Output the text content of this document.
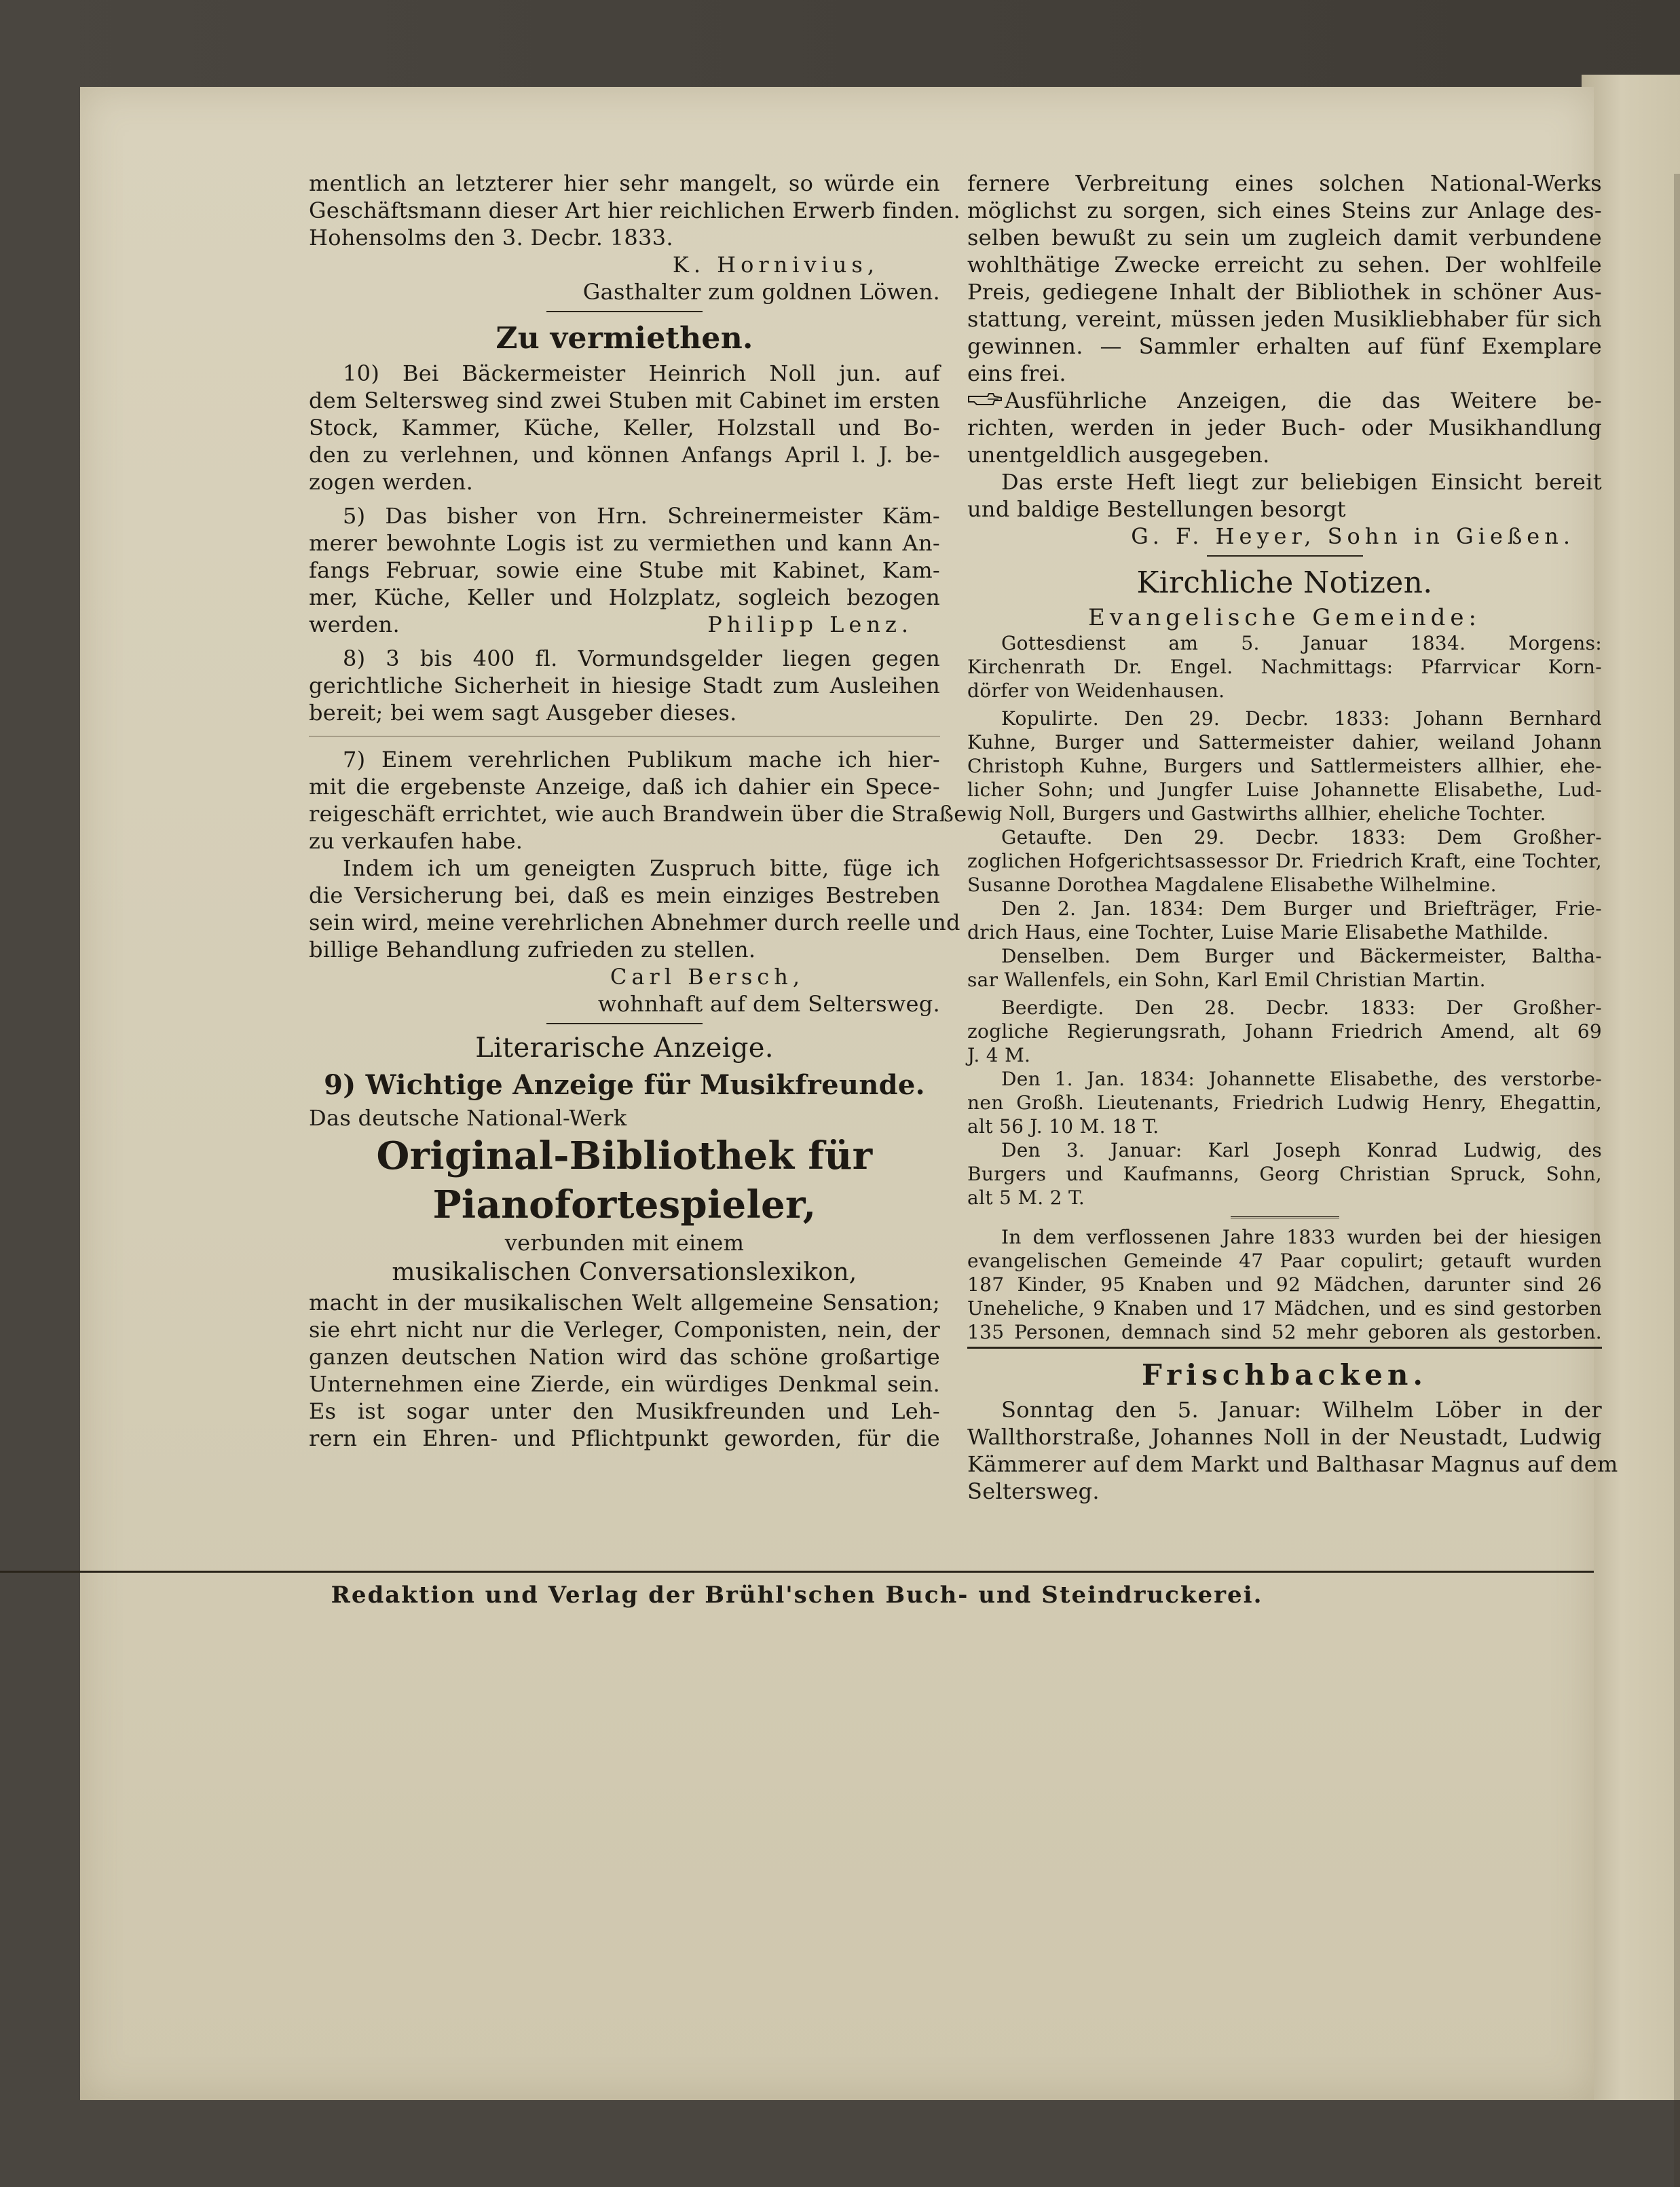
mentlich an letzterer hier sehr mangelt, so würde ein
Geschäftsmann dieser Art hier reichlichen Erwerb finden.
Hohensolms den 3. Decbr. 1833.
K. Hornivius,
Gasthalter zum goldnen Löwen.
Zu vermiethen.
10) Bei Bäckermeister Heinrich Noll jun. auf
dem Seltersweg sind zwei Stuben mit Cabinet im ersten
Stock, Kammer, Küche, Keller, Holzstall und Bo-
den zu verlehnen, und können Anfangs April l. J. be-
zogen werden.
5) Das bisher von Hrn. Schreinermeister Käm-
merer bewohnte Logis ist zu vermiethen und kann An-
fangs Februar, sowie eine Stube mit Kabinet, Kam-
mer, Küche, Keller und Holzplatz, sogleich bezogen
werden.	Philipp Lenz.
8) 3 bis 400 fl. Vormundsgelder liegen gegen
gerichtliche Sicherheit in hiesige Stadt zum Ausleihen
bereit; bei wem sagt Ausgeber dieses.
7) Einem verehrlichen Publikum mache ich hier-
mit die ergebenste Anzeige, daß ich dahier ein Spece-
reigeschäft errichtet, wie auch Brandwein über die Straße
zu verkaufen habe.
Indem ich um geneigten Zuspruch bitte, füge ich
die Versicherung bei, daß es mein einziges Bestreben
sein wird, meine verehrlichen Abnehmer durch reelle und
billige Behandlung zufrieden zu stellen.
Carl Bersch,
wohnhaft auf dem Seltersweg.
Literarische Anzeige.
9) Wichtige Anzeige für Musikfreunde.
Das deutsche National-Werk
Original-Bibliothek für
Pianofortespieler,
verbunden mit einem
musikalischen Conversationslexikon,
macht in der musikalischen Welt allgemeine Sensation;
sie ehrt nicht nur die Verleger, Componisten, nein, der
ganzen deutschen Nation wird das schöne großartige
Unternehmen eine Zierde, ein würdiges Denkmal sein.
Es ist sogar unter den Musikfreunden und Leh-
rern ein Ehren- und Pflichtpunkt geworden, für die
fernere Verbreitung eines solchen National-Werks
möglichst zu sorgen, sich eines Steins zur Anlage des-
selben bewußt zu sein um zugleich damit verbundene
wohlthätige Zwecke erreicht zu sehen. Der wohlfeile
Preis, gediegene Inhalt der Bibliothek in schöner Aus-
stattung, vereint, müssen jeden Musikliebhaber für sich
gewinnen. — Sammler erhalten auf fünf Exemplare
eins frei.
Ausführliche Anzeigen, die das Weitere be-
richten, werden in jeder Buch- oder Musikhandlung
unentgeldlich ausgegeben.
Das erste Heft liegt zur beliebigen Einsicht bereit
und baldige Bestellungen besorgt
G. F. Heyer, Sohn in Gießen.
Kirchliche Notizen.
Evangelische Gemeinde:
Gottesdienst am 5. Januar 1834. Morgens:
Kirchenrath Dr. Engel. Nachmittags: Pfarrvicar Korn-
dörfer von Weidenhausen.
Kopulirte. Den 29. Decbr. 1833: Johann Bernhard
Kuhne, Burger und Sattermeister dahier, weiland Johann
Christoph Kuhne, Burgers und Sattlermeisters allhier, ehe-
licher Sohn; und Jungfer Luise Johannette Elisabethe, Lud-
wig Noll, Burgers und Gastwirths allhier, eheliche Tochter.
Getaufte. Den 29. Decbr. 1833: Dem Großher-
zoglichen Hofgerichtsassessor Dr. Friedrich Kraft, eine Tochter,
Susanne Dorothea Magdalene Elisabethe Wilhelmine.
Den 2. Jan. 1834: Dem Burger und Briefträger, Frie-
drich Haus, eine Tochter, Luise Marie Elisabethe Mathilde.
Denselben. Dem Burger und Bäckermeister, Baltha-
sar Wallenfels, ein Sohn, Karl Emil Christian Martin.
Beerdigte. Den 28. Decbr. 1833: Der Großher-
zogliche Regierungsrath, Johann Friedrich Amend, alt 69
J. 4 M.
Den 1. Jan. 1834: Johannette Elisabethe, des verstorbe-
nen Großh. Lieutenants, Friedrich Ludwig Henry, Ehegattin,
alt 56 J. 10 M. 18 T.
Den 3. Januar: Karl Joseph Konrad Ludwig, des
Burgers und Kaufmanns, Georg Christian Spruck, Sohn,
alt 5 M. 2 T.
In dem verflossenen Jahre 1833 wurden bei der hiesigen
evangelischen Gemeinde 47 Paar copulirt; getauft wurden
187 Kinder, 95 Knaben und 92 Mädchen, darunter sind 26
Uneheliche, 9 Knaben und 17 Mädchen, und es sind gestorben
135 Personen, demnach sind 52 mehr geboren als gestorben.
Frischbacken.
Sonntag den 5. Januar: Wilhelm Löber in der
Wallthorstraße, Johannes Noll in der Neustadt, Ludwig
Kämmerer auf dem Markt und Balthasar Magnus auf dem
Seltersweg.
Redaktion und Verlag der Brühl'schen Buch- und Steindruckerei.
